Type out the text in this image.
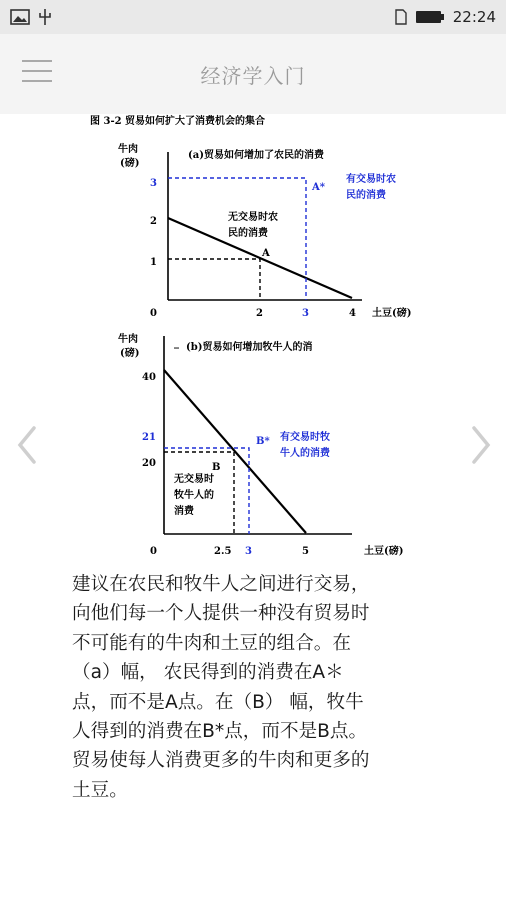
22:24
经济学入门
图 3-2 贸易如何扩大了消费机会的集合
牛肉
(磅)
(a)贸易如何增加了农民的消费
3
2
1
0	2	3	4 土豆(磅)
A*
A
无交易时农
民的消费
有交易时农
民的消费
牛肉
(磅)
_ (b)贸易如何增加牧牛人的消
40
21
20
0	2.5 3	5	土豆(磅)
B*
B
无交易时
牧牛人的
消费
有交易时牧
牛人的消费

建议在农民和牧牛人之间进行交易，

向他们每一个人提供一种没有贸易时

不可能有的牛肉和土豆的组合。在

（a）幅， 农民得到的消费在A＊

点，而不是A点。在（B） 幅，牧牛

人得到的消费在B*点，而不是B点。

贸易使每人消费更多的牛肉和更多的

土豆。
